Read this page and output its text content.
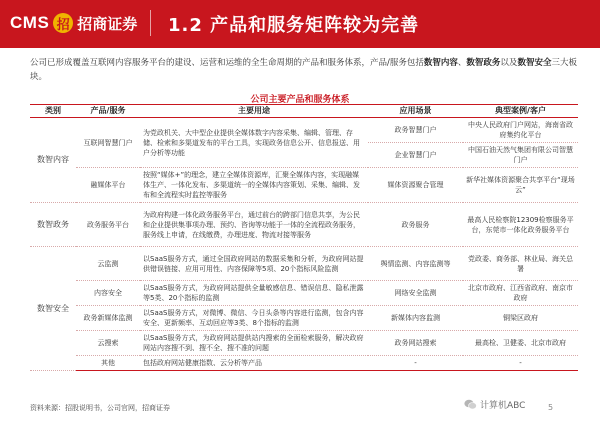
CMS 招 招商证券 1.2 产品和服务矩阵较为完善

公司已形成覆盖互联网内容服务平台的建设、运营和运维的全生命周期的产品和服务体系，产品/服务包括数智内容、数智政务以及数智安全三大板块。

公司主要产品和服务体系
类别	产品/服务	主要用途	应用场景	典型案例/客户
数智内容	互联网智慧门户	为党政机关、大中型企业提供全媒体数字内容采集、编辑、管理、存储、检索和多渠道发布的平台工具，实现政务信息公开、信息报送、用户分析等功能	政务智慧门户	中央人民政府门户网站，海南省政府集约化平台
			企业智慧门户	中国石油天然气集团有限公司智慧门户
	融媒体平台	按照“媒体+”的理念，建立全媒体资源库，汇聚全媒体内容，实现融媒体生产、一体化发布、多渠道统一的全媒体内容策划、采集、编辑、发布和全流程实时监控等服务	媒体资源聚合管理	新华社媒体资源聚合共享平台“现场云”
数智政务	政务服务平台	为政府构建一体化政务服务平台，通过前台的跨部门信息共享，为公民和企业提供集事项办理、预约、咨询等功能于一体的全流程政务服务，服务线上申请，在线缴费，办理进度、物流对接等服务	政务服务	最高人民检察院12309检察服务平台，东莞市一体化政务服务平台
数智安全	云监测	以SaaS服务方式，通过全国政府网站的数据采集和分析，为政府网站提供错误链接、应用可用性、内容保障等5项、20个指标风险监测	舆情监测、内容监测等	党政委、商务部、林业局、海关总署
	内容安全	以SaaS服务方式，为政府网站提供全量敏感信息、错误信息、隐私泄露等5类、20个指标的监测	网络安全监测	北京市政府、江西省政府、南京市政府
	政务新媒体监测	以SaaS服务方式，对微博、微信、今日头条等内容进行监测，包含内容安全、更新频率、互动回应等3类、8个指标的监测	新媒体内容监测	铜梁区政府
	云搜索	以SaaS服务方式，为政府网站提供站内搜索的全面检索服务，解决政府网站内容搜不到、搜不全、搜不准的问题	政务网站搜索	最高检、卫健委、北京市政府
	其他	包括政府网站健康指数、云分析等产品	-	-
资料来源：招股说明书，公司官网，招商证券	计算机ABC	5
